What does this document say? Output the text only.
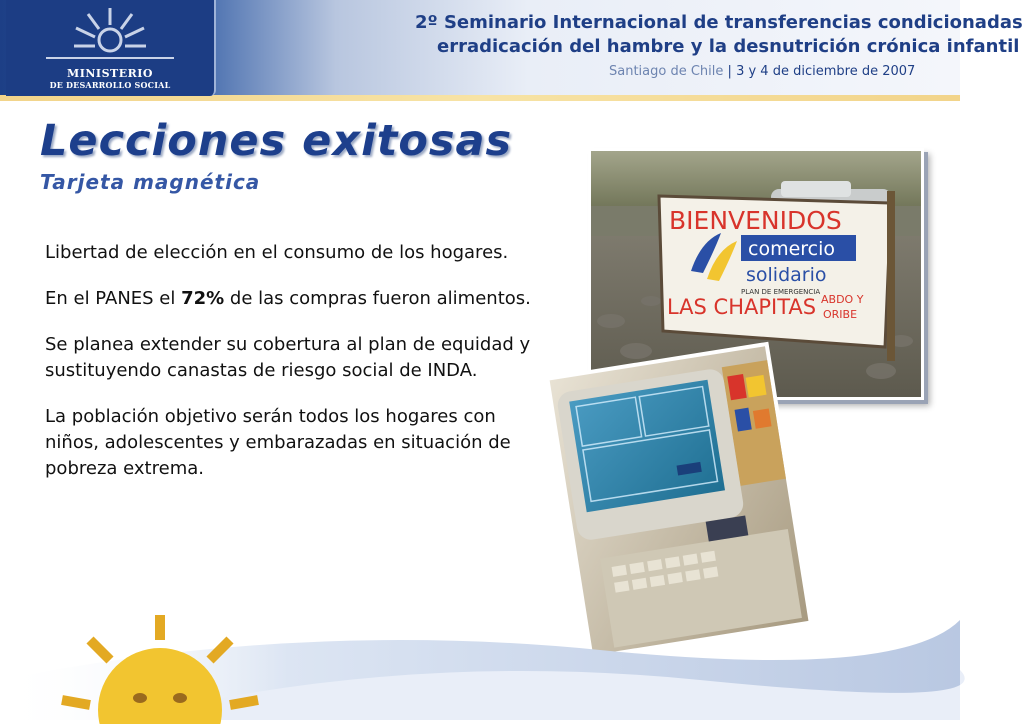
MINISTERIO
DE DESARROLLO SOCIAL
2º Seminario Internacional de transferencias condicionadas
erradicación del hambre y la desnutrición crónica infantil
Santiago de Chile | 3 y 4 de diciembre de 2007
Lecciones exitosas
Tarjeta magnética

Libertad de elección en el consumo de los hogares.

En el PANES el 72% de las compras fueron alimentos.

Se planea extender su cobertura al plan de equidad y sustituyendo canastas de riesgo social de INDA.

La población objetivo serán todos los hogares con niños, adolescentes y embarazadas en situación de pobreza extrema.

BIENVENIDOS
comercio
solidario
PLAN DE EMERGENCIA
LAS CHAPITAS ABDO Y
ORIBE
